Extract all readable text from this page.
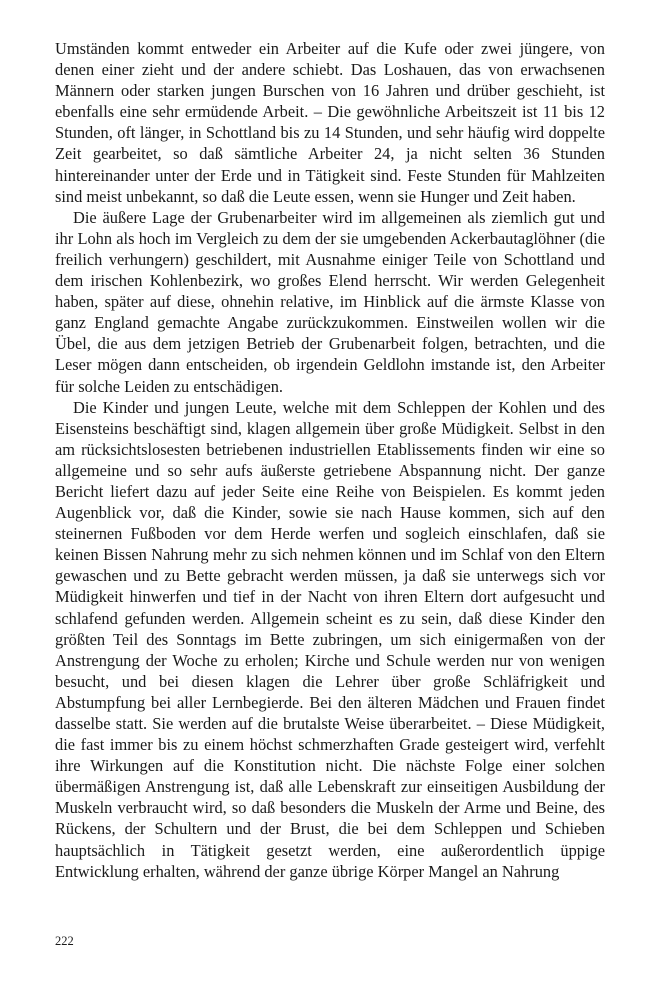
Umständen kommt entweder ein Arbeiter auf die Kufe oder zwei jüngere, von denen einer zieht und der andere schiebt. Das Loshauen, das von erwachsenen Männern oder starken jungen Burschen von 16 Jahren und drüber geschieht, ist ebenfalls eine sehr ermüdende Arbeit. – Die gewöhnliche Arbeitszeit ist 11 bis 12 Stunden, oft länger, in Schottland bis zu 14 Stunden, und sehr häufig wird doppelte Zeit gearbeitet, so daß sämtliche Arbeiter 24, ja nicht selten 36 Stunden hintereinander unter der Erde und in Tätigkeit sind. Feste Stunden für Mahlzeiten sind meist unbekannt, so daß die Leute essen, wenn sie Hunger und Zeit haben.

Die äußere Lage der Grubenarbeiter wird im allgemeinen als ziemlich gut und ihr Lohn als hoch im Vergleich zu dem der sie umgebenden Ackerbautaglöhner (die freilich verhungern) geschildert, mit Ausnahme einiger Teile von Schottland und dem irischen Kohlenbezirk, wo großes Elend herrscht. Wir werden Gelegenheit haben, später auf diese, ohnehin relative, im Hinblick auf die ärmste Klasse von ganz England gemachte Angabe zurückzukommen. Einstweilen wollen wir die Übel, die aus dem jetzigen Betrieb der Grubenarbeit folgen, betrachten, und die Leser mögen dann entscheiden, ob irgendein Geldlohn imstande ist, den Arbeiter für solche Leiden zu entschädigen.

Die Kinder und jungen Leute, welche mit dem Schleppen der Kohlen und des Eisensteins beschäftigt sind, klagen allgemein über große Müdigkeit. Selbst in den am rücksichtslosesten betriebenen industriellen Etablissements finden wir eine so allgemeine und so sehr aufs äußerste getriebene Abspannung nicht. Der ganze Bericht liefert dazu auf jeder Seite eine Reihe von Beispielen. Es kommt jeden Augenblick vor, daß die Kinder, sowie sie nach Hause kommen, sich auf den steinernen Fußboden vor dem Herde werfen und sogleich einschlafen, daß sie keinen Bissen Nahrung mehr zu sich nehmen können und im Schlaf von den Eltern gewaschen und zu Bette gebracht werden müssen, ja daß sie unterwegs sich vor Müdigkeit hinwerfen und tief in der Nacht von ihren Eltern dort aufgesucht und schlafend gefunden werden. Allgemein scheint es zu sein, daß diese Kinder den größten Teil des Sonntags im Bette zubringen, um sich einigermaßen von der Anstrengung der Woche zu erholen; Kirche und Schule werden nur von wenigen besucht, und bei diesen klagen die Lehrer über große Schläfrigkeit und Abstumpfung bei aller Lernbegierde. Bei den älteren Mädchen und Frauen findet dasselbe statt. Sie werden auf die brutalste Weise überarbeitet. – Diese Müdigkeit, die fast immer bis zu einem höchst schmerzhaften Grade gesteigert wird, verfehlt ihre Wirkungen auf die Konstitution nicht. Die nächste Folge einer solchen übermäßigen Anstrengung ist, daß alle Lebenskraft zur einseitigen Ausbildung der Muskeln verbraucht wird, so daß besonders die Muskeln der Arme und Beine, des Rückens, der Schultern und der Brust, die bei dem Schleppen und Schieben hauptsächlich in Tätigkeit gesetzt werden, eine außerordentlich üppige Entwicklung erhalten, während der ganze übrige Körper Mangel an Nahrung

222
